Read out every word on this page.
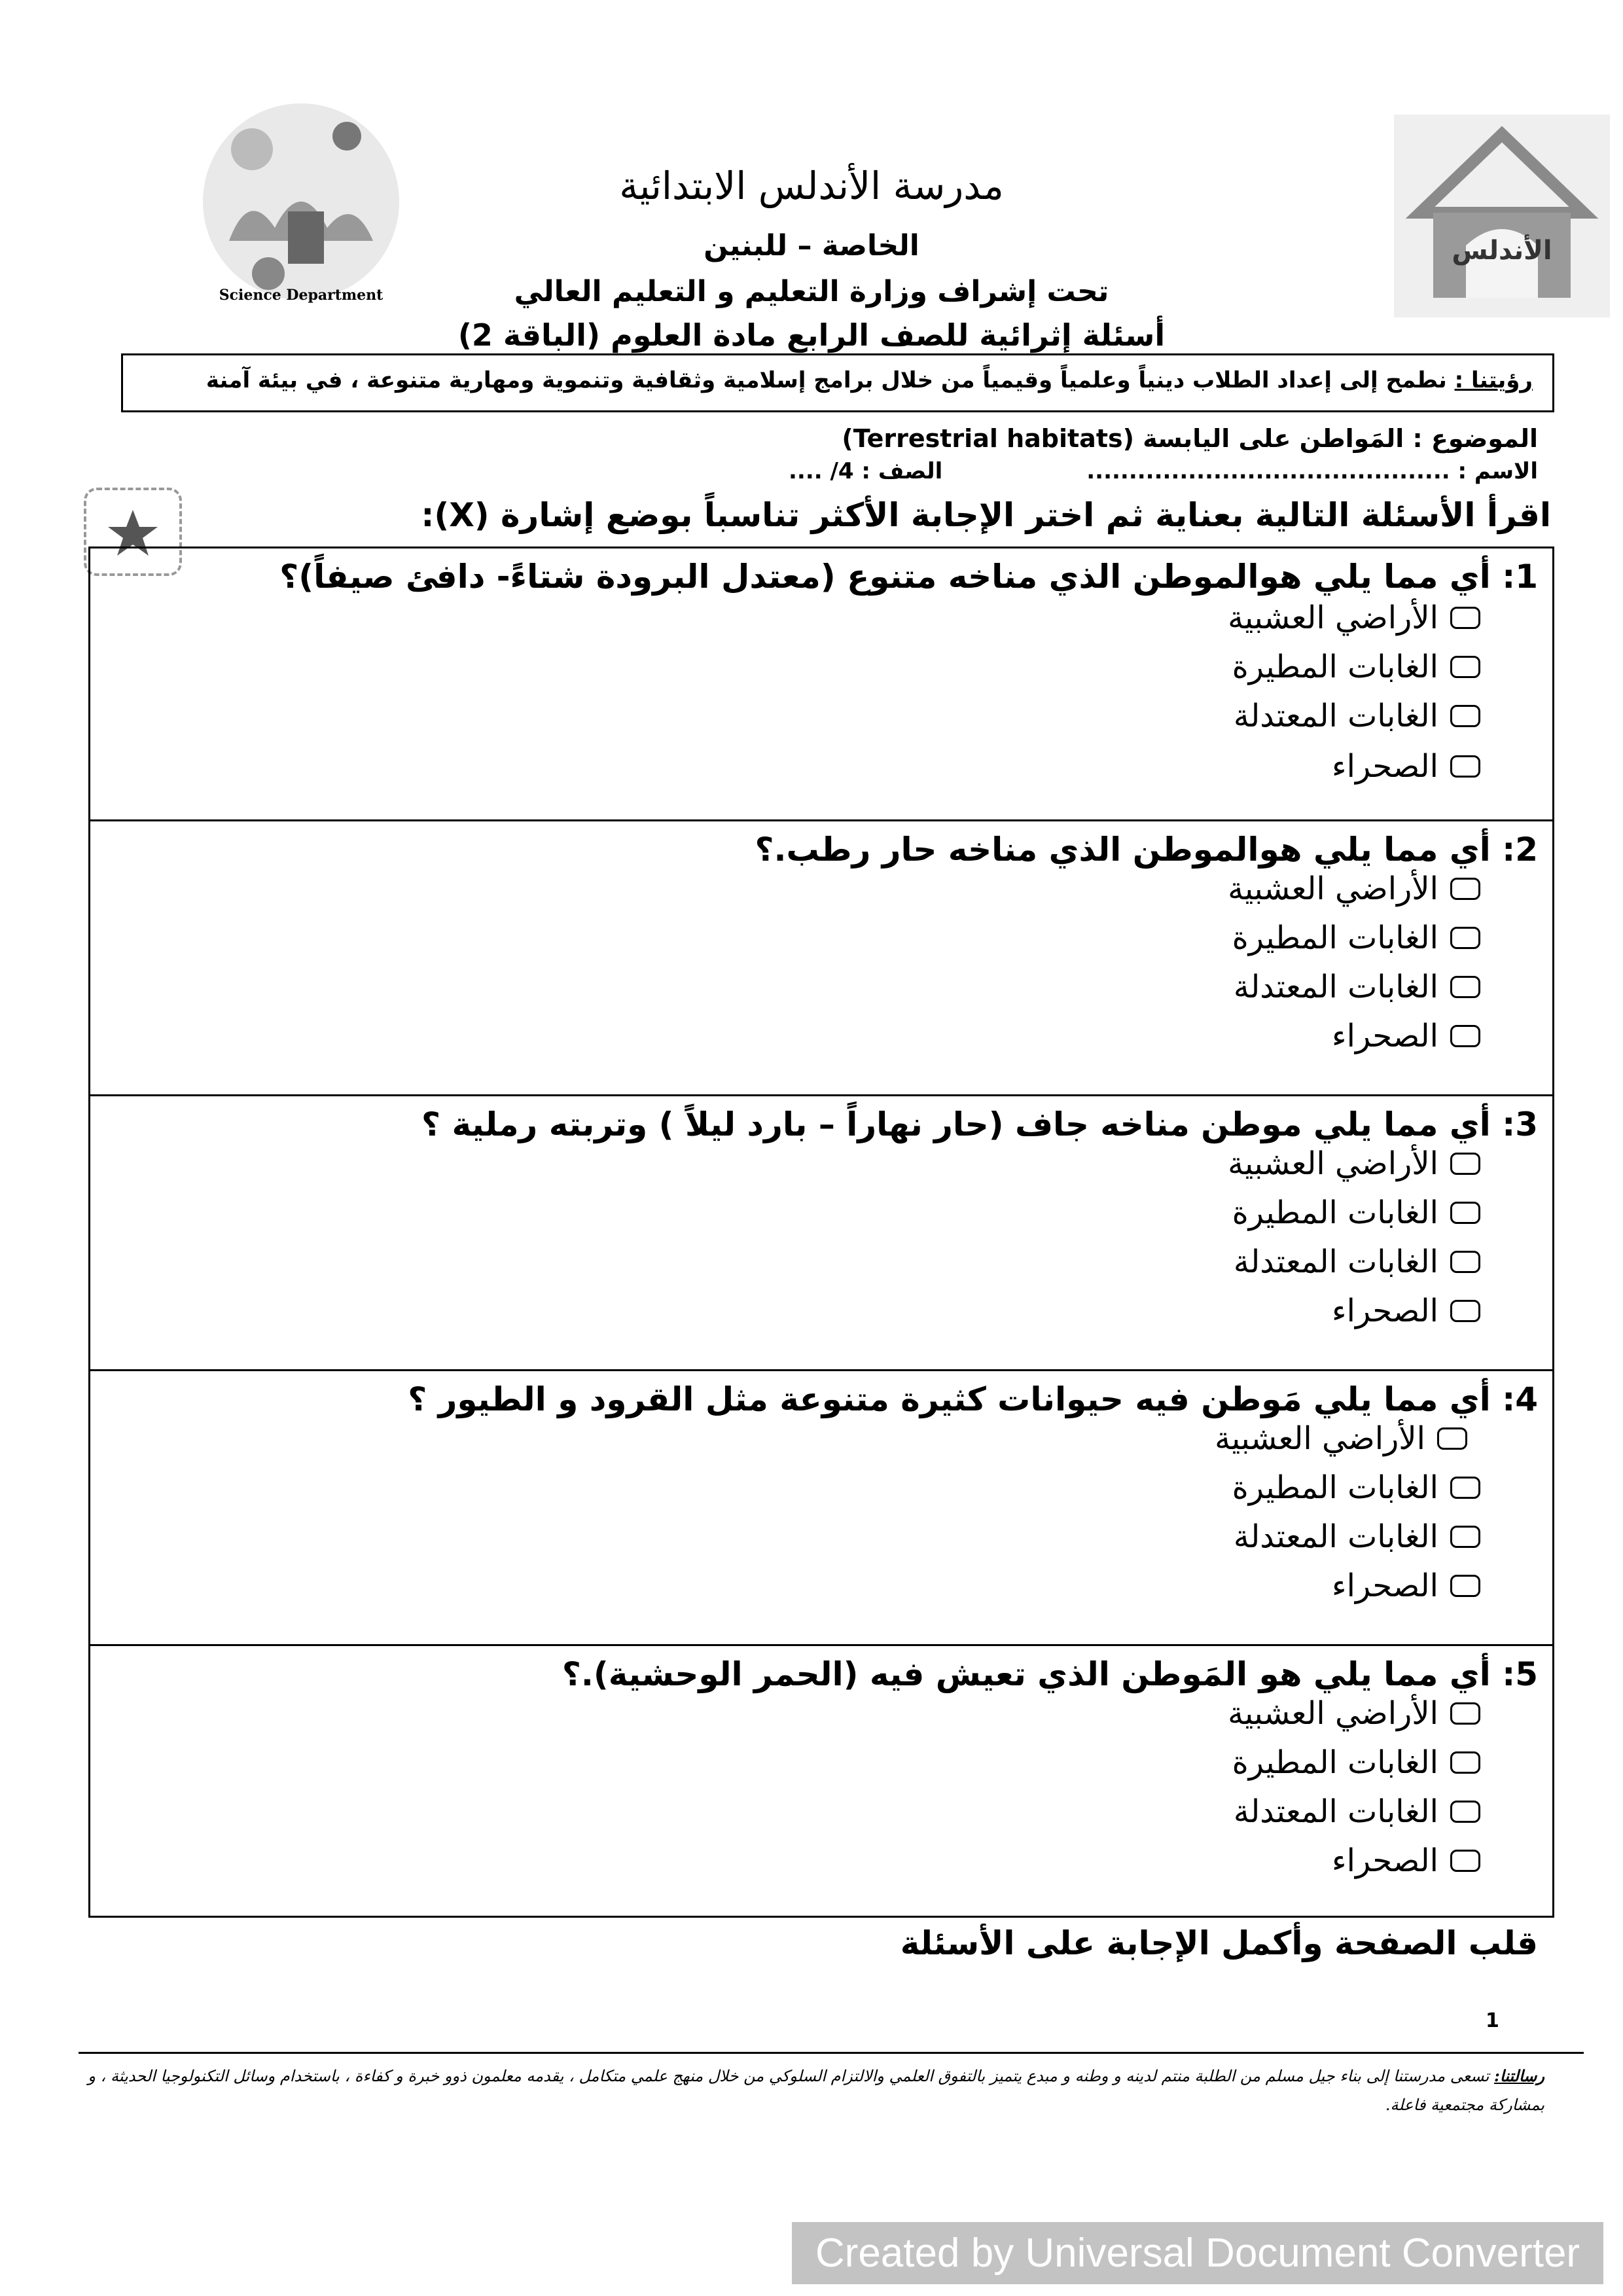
Science Department
الأندلس
مدرسة الأندلس الابتدائية
الخاصة – للبنين
تحت إشراف وزارة التعليم و التعليم العالي
أسئلة إثرائية للصف الرابع مادة العلوم (الباقة 2)
رؤيتنا : نطمح إلى إعداد الطلاب دينياً وعلمياً وقيمياً من خلال برامج إسلامية وثقافية وتنموية ومهارية متنوعة ، في بيئة آمنة
الموضوع : المَواطن على اليابسة (Terrestrial habitats)
الاسم : ...........................................
الصف : 4/ ....
اقرأ الأسئلة التالية بعناية ثم اختر الإجابة الأكثر تناسباً بوضع إشارة (X):
1: أي مما يلي هوالموطن الذي مناخه متنوع (معتدل البرودة شتاءً- دافئ صيفاً)؟
الأراضي العشبية
الغابات المطيرة
الغابات المعتدلة
الصحراء
2: أي مما يلي هوالموطن الذي مناخه حار رطب.؟
الأراضي العشبية
الغابات المطيرة
الغابات المعتدلة
الصحراء
3: أي مما يلي موطن مناخه جاف (حار نهاراً – بارد ليلاً ) وتربته رملية ؟
الأراضي العشبية
الغابات المطيرة
الغابات المعتدلة
الصحراء
4: أي مما يلي مَوطن فيه حيوانات كثيرة متنوعة مثل القرود و الطيور ؟
الأراضي العشبية
الغابات المطيرة
الغابات المعتدلة
الصحراء
5: أي مما يلي هو المَوطن الذي تعيش فيه (الحمر الوحشية).؟
الأراضي العشبية
الغابات المطيرة
الغابات المعتدلة
الصحراء
قلب الصفحة وأكمل الإجابة على الأسئلة
1
رسالتنا: تسعى مدرستنا إلى بناء جيل مسلم من الطلبة منتم لدينه و وطنه و مبدع يتميز بالتفوق العلمي والالتزام السلوكي من خلال منهج علمي متكامل ، يقدمه معلمون ذوو خبرة و كفاءة ، باستخدام وسائل التكنولوجيا الحديثة ، و بمشاركة مجتمعية فاعلة.
Created by Universal Document Converter
